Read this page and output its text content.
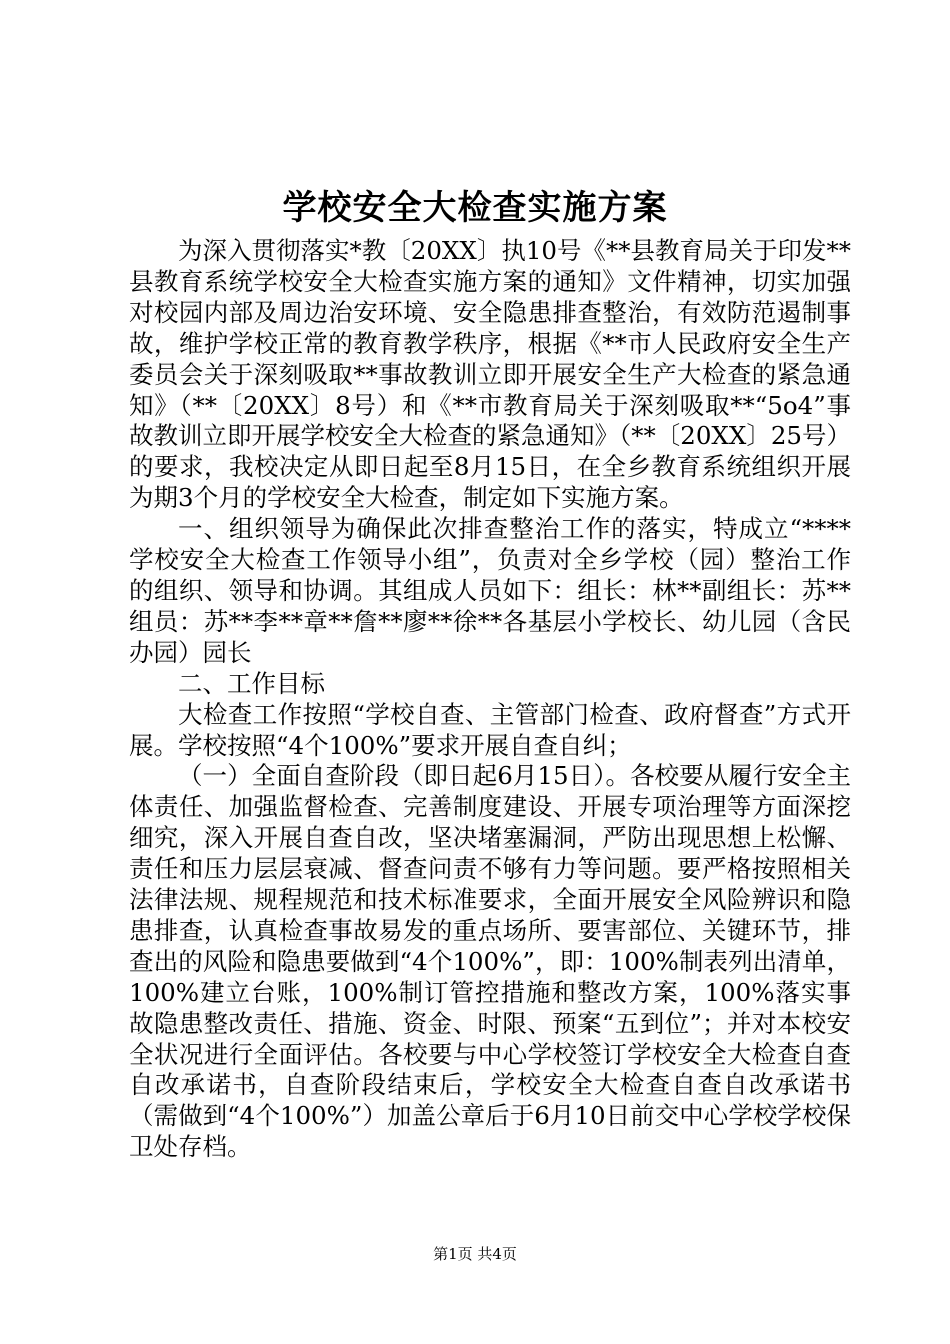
学校安全大检查实施方案

为深入贯彻落实*教〔20XX〕执10号《**县教育局关于印发**县教育系统学校安全大检查实施方案的通知》文件精神，切实加强对校园内部及周边治安环境、安全隐患排查整治，有效防范遏制事故，维护学校正常的教育教学秩序，根据《**市人民政府安全生产委员会关于深刻吸取**事故教训立即开展安全生产大检查的紧急通知》（**〔20XX〕8号）和《**市教育局关于深刻吸取**“5o4”事故教训立即开展学校安全大检查的紧急通知》（**〔20XX〕25号）的要求，我校决定从即日起至8月15日，在全乡教育系统组织开展为期3个月的学校安全大检查，制定如下实施方案。

一、组织领导为确保此次排查整治工作的落实，特成立“****学校安全大检查工作领导小组”，负责对全乡学校（园）整治工作的组织、领导和协调。其组成人员如下：组长：林**副组长：苏**组员：苏**李**章**詹**廖**徐**各基层小学校长、幼儿园（含民办园）园长

二、工作目标

大检查工作按照“学校自查、主管部门检查、政府督查”方式开展。学校按照“4个100%”要求开展自查自纠；

（一）全面自查阶段（即日起6月15日）。各校要从履行安全主体责任、加强监督检查、完善制度建设、开展专项治理等方面深挖细究，深入开展自查自改，坚决堵塞漏洞，严防出现思想上松懈、责任和压力层层衰减、督查问责不够有力等问题。要严格按照相关法律法规、规程规范和技术标准要求，全面开展安全风险辨识和隐患排查，认真检查事故易发的重点场所、要害部位、关键环节，排查出的风险和隐患要做到“4个100%”，即：100%制表列出清单，100%建立台账，100%制订管控措施和整改方案，100%落实事故隐患整改责任、措施、资金、时限、预案“五到位”；并对本校安全状况进行全面评估。各校要与中心学校签订学校安全大检查自查自改承诺书，自查阶段结束后，学校安全大检查自查自改承诺书（需做到“4个100%”）加盖公章后于6月10日前交中心学校学校保卫处存档。

第1页 共4页
